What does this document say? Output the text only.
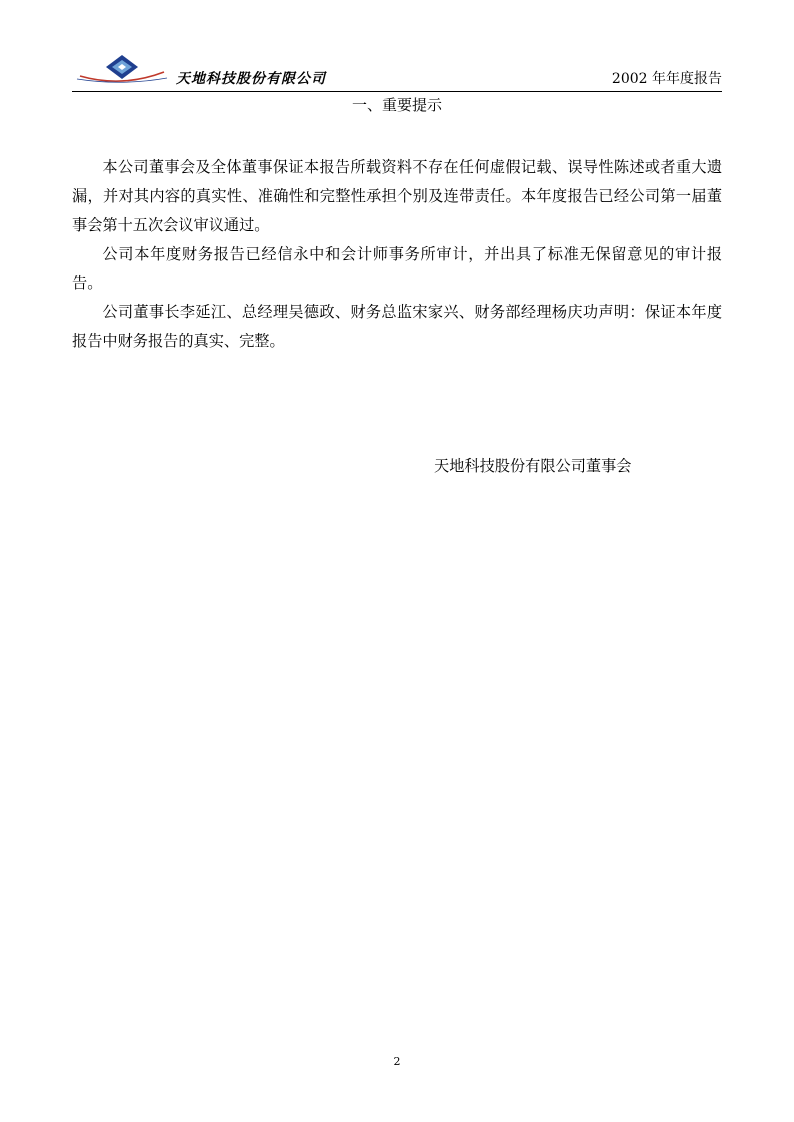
天地科技股份有限公司	2002 年年度报告
一、重要提示

本公司董事会及全体董事保证本报告所载资料不存在任何虚假记载、误导性陈述或者重大遗漏，并对其内容的真实性、准确性和完整性承担个别及连带责任。本年度报告已经公司第一届董事会第十五次会议审议通过。

公司本年度财务报告已经信永中和会计师事务所审计，并出具了标准无保留意见的审计报告。

公司董事长李延江、总经理吴德政、财务总监宋家兴、财务部经理杨庆功声明：保证本年度报告中财务报告的真实、完整。

天地科技股份有限公司董事会
2
